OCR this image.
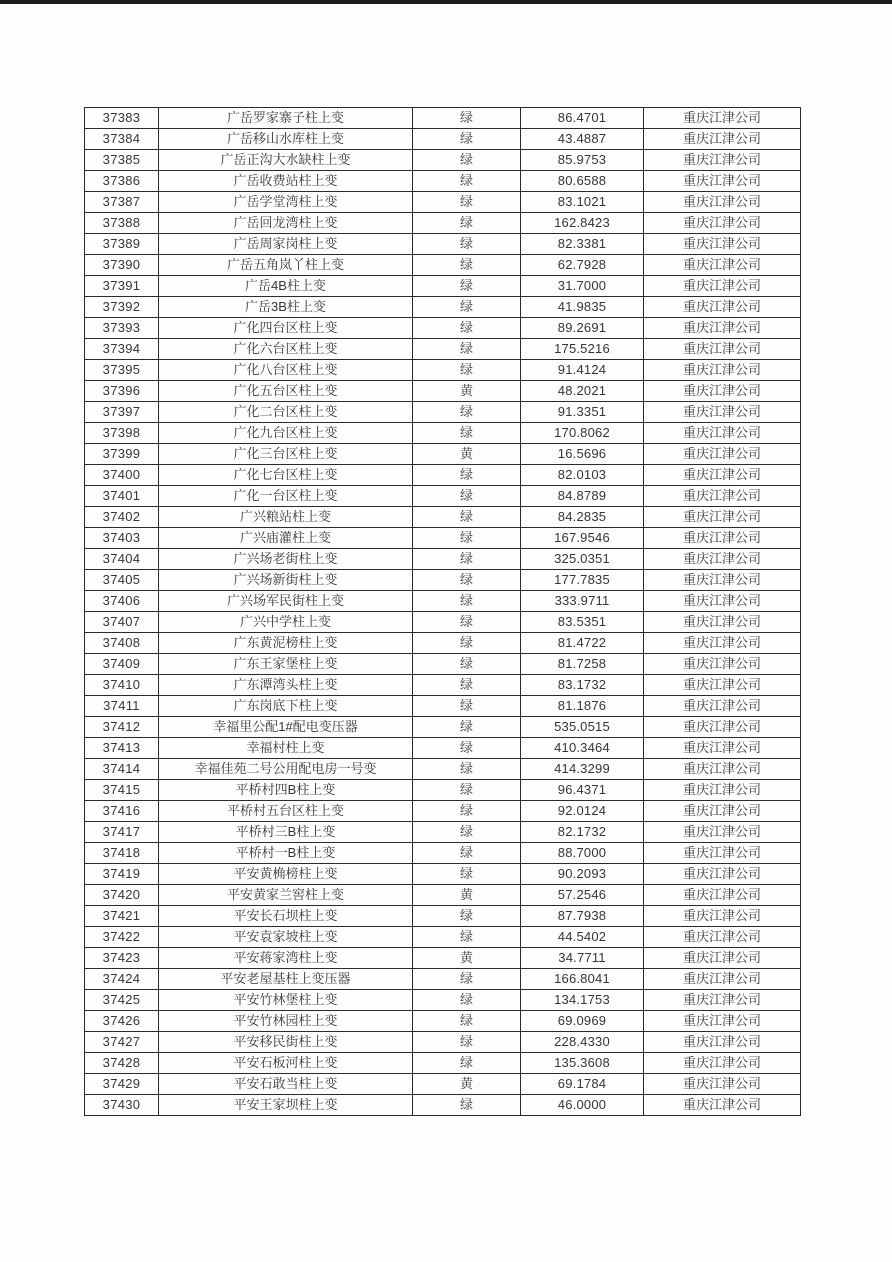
37383	广岳罗家寨子柱上变	绿	86.4701	重庆江津公司
37384	广岳移山水库柱上变	绿	43.4887	重庆江津公司
37385	广岳正沟大水缺柱上变	绿	85.9753	重庆江津公司
37386	广岳收费站柱上变	绿	80.6588	重庆江津公司
37387	广岳学堂湾柱上变	绿	83.1021	重庆江津公司
37388	广岳回龙湾柱上变	绿	162.8423	重庆江津公司
37389	广岳周家岗柱上变	绿	82.3381	重庆江津公司
37390	广岳五角岚丫柱上变	绿	62.7928	重庆江津公司
37391	广岳4B柱上变	绿	31.7000	重庆江津公司
37392	广岳3B柱上变	绿	41.9835	重庆江津公司
37393	广化四台区柱上变	绿	89.2691	重庆江津公司
37394	广化六台区柱上变	绿	175.5216	重庆江津公司
37395	广化八台区柱上变	绿	91.4124	重庆江津公司
37396	广化五台区柱上变	黄	48.2021	重庆江津公司
37397	广化二台区柱上变	绿	91.3351	重庆江津公司
37398	广化九台区柱上变	绿	170.8062	重庆江津公司
37399	广化三台区柱上变	黄	16.5696	重庆江津公司
37400	广化七台区柱上变	绿	82.0103	重庆江津公司
37401	广化一台区柱上变	绿	84.8789	重庆江津公司
37402	广兴粮站柱上变	绿	84.2835	重庆江津公司
37403	广兴庙灌柱上变	绿	167.9546	重庆江津公司
37404	广兴场老街柱上变	绿	325.0351	重庆江津公司
37405	广兴场新街柱上变	绿	177.7835	重庆江津公司
37406	广兴场军民街柱上变	绿	333.9711	重庆江津公司
37407	广兴中学柱上变	绿	83.5351	重庆江津公司
37408	广东黄泥榜柱上变	绿	81.4722	重庆江津公司
37409	广东王家堡柱上变	绿	81.7258	重庆江津公司
37410	广东潭湾头柱上变	绿	83.1732	重庆江津公司
37411	广东岗底下柱上变	绿	81.1876	重庆江津公司
37412	幸福里公配1#配电变压器	绿	535.0515	重庆江津公司
37413	幸福村柱上变	绿	410.3464	重庆江津公司
37414	幸福佳苑二号公用配电房一号变	绿	414.3299	重庆江津公司
37415	平桥村四B柱上变	绿	96.4371	重庆江津公司
37416	平桥村五台区柱上变	绿	92.0124	重庆江津公司
37417	平桥村三B柱上变	绿	82.1732	重庆江津公司
37418	平桥村一B柱上变	绿	88.7000	重庆江津公司
37419	平安黄桷榜柱上变	绿	90.2093	重庆江津公司
37420	平安黄家兰窖柱上变	黄	57.2546	重庆江津公司
37421	平安长石坝柱上变	绿	87.7938	重庆江津公司
37422	平安袁家坡柱上变	绿	44.5402	重庆江津公司
37423	平安蒋家湾柱上变	黄	34.7711	重庆江津公司
37424	平安老屋基柱上变压器	绿	166.8041	重庆江津公司
37425	平安竹林堡柱上变	绿	134.1753	重庆江津公司
37426	平安竹林园柱上变	绿	69.0969	重庆江津公司
37427	平安移民街柱上变	绿	228.4330	重庆江津公司
37428	平安石板河柱上变	绿	135.3608	重庆江津公司
37429	平安石敢当柱上变	黄	69.1784	重庆江津公司
37430	平安王家坝柱上变	绿	46.0000	重庆江津公司
